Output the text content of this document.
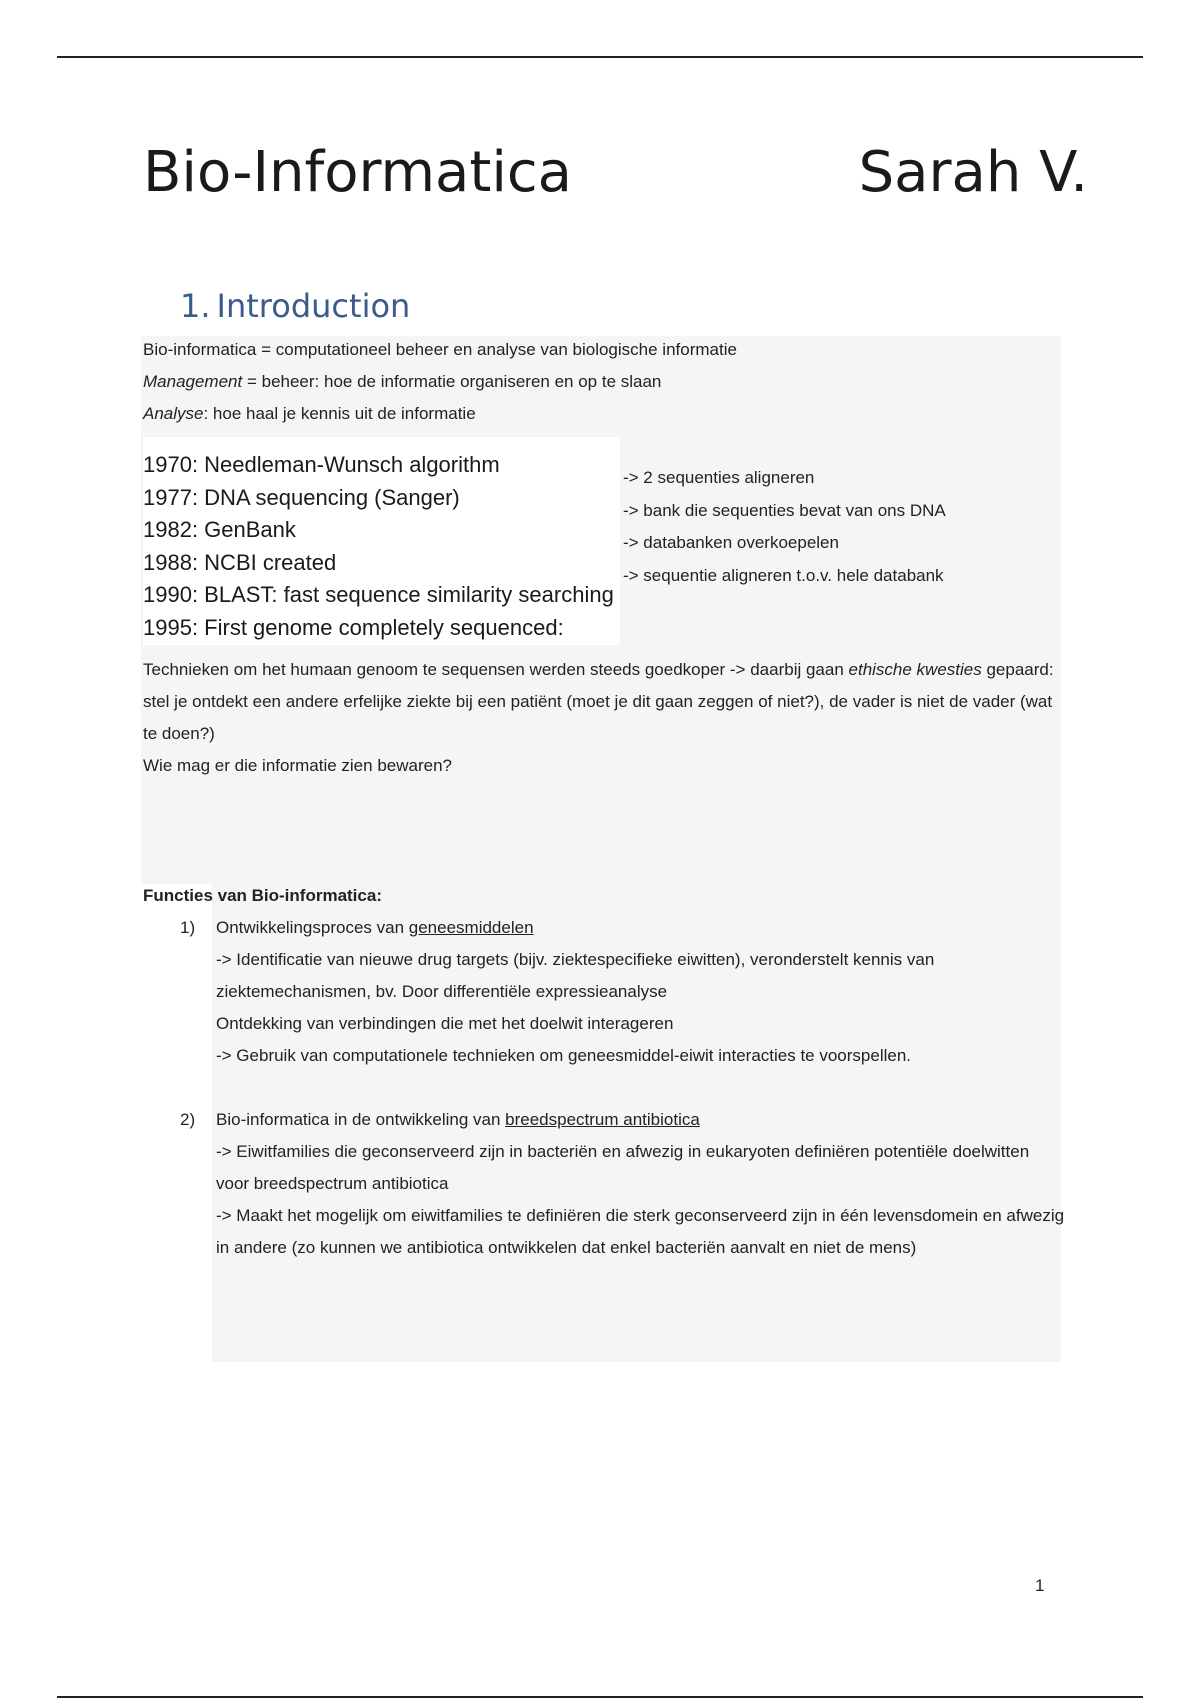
Bio-Informatica	Sarah V.
1. Introduction
Bio-informatica = computationeel beheer en analyse van biologische informatie
Management = beheer: hoe de informatie organiseren en op te slaan
Analyse: hoe haal je kennis uit de informatie
1970: Needleman-Wunsch algorithm
1977: DNA sequencing (Sanger)
1982: GenBank
1988: NCBI created
1990: BLAST: fast sequence similarity searching
1995: First genome completely sequenced:
-> 2 sequenties aligneren
-> bank die sequenties bevat van ons DNA
-> databanken overkoepelen
-> sequentie aligneren t.o.v. hele databank
Technieken om het humaan genoom te sequensen werden steeds goedkoper -> daarbij gaan ethische kwesties gepaard: stel je ontdekt een andere erfelijke ziekte bij een patiënt (moet je dit gaan zeggen of niet?), de vader is niet de vader (wat te doen?)
Wie mag er die informatie zien bewaren?
Functies van Bio-informatica:
1)	Ontwikkelingsproces van geneesmiddelen
-> Identificatie van nieuwe drug targets (bijv. ziektespecifieke eiwitten), veronderstelt kennis van ziektemechanismen, bv. Door differentiële expressieanalyse
Ontdekking van verbindingen die met het doelwit interageren
-> Gebruik van computationele technieken om geneesmiddel-eiwit interacties te voorspellen.
2)	Bio-informatica in de ontwikkeling van breedspectrum antibiotica
-> Eiwitfamilies die geconserveerd zijn in bacteriën en afwezig in eukaryoten definiëren potentiële doelwitten voor breedspectrum antibiotica
-> Maakt het mogelijk om eiwitfamilies te definiëren die sterk geconserveerd zijn in één levensdomein en afwezig in andere (zo kunnen we antibiotica ontwikkelen dat enkel bacteriën aanvalt en niet de mens)
1
